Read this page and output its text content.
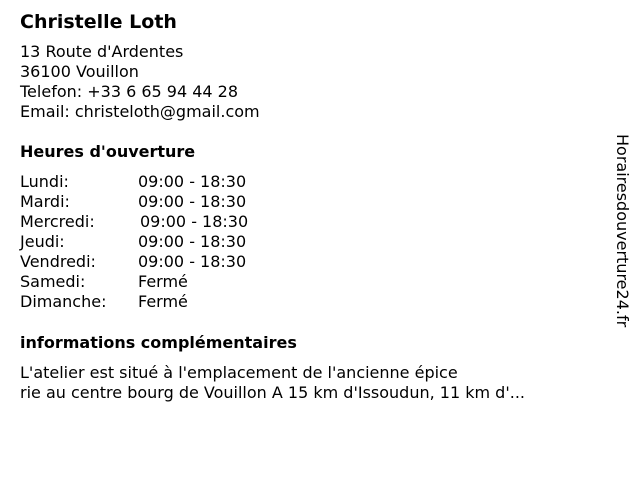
Christelle Loth
13 Route d'Ardentes
36100 Vouillon
Telefon: +33 6 65 94 44 28
Email: christeloth@gmail.com
Heures d'ouverture
Lundi:	09:00 - 18:30
Mardi:	09:00 - 18:30
Mercredi:	09:00 - 18:30
Jeudi:	09:00 - 18:30
Vendredi:	09:00 - 18:30
Samedi:	Fermé
Dimanche: Fermé
informations complémentaires
L'atelier est situé à l'emplacement de l'ancienne épice
rie au centre bourg de Vouillon A 15 km d'Issoudun, 11 km d'...
Horairesdouverture24.fr
